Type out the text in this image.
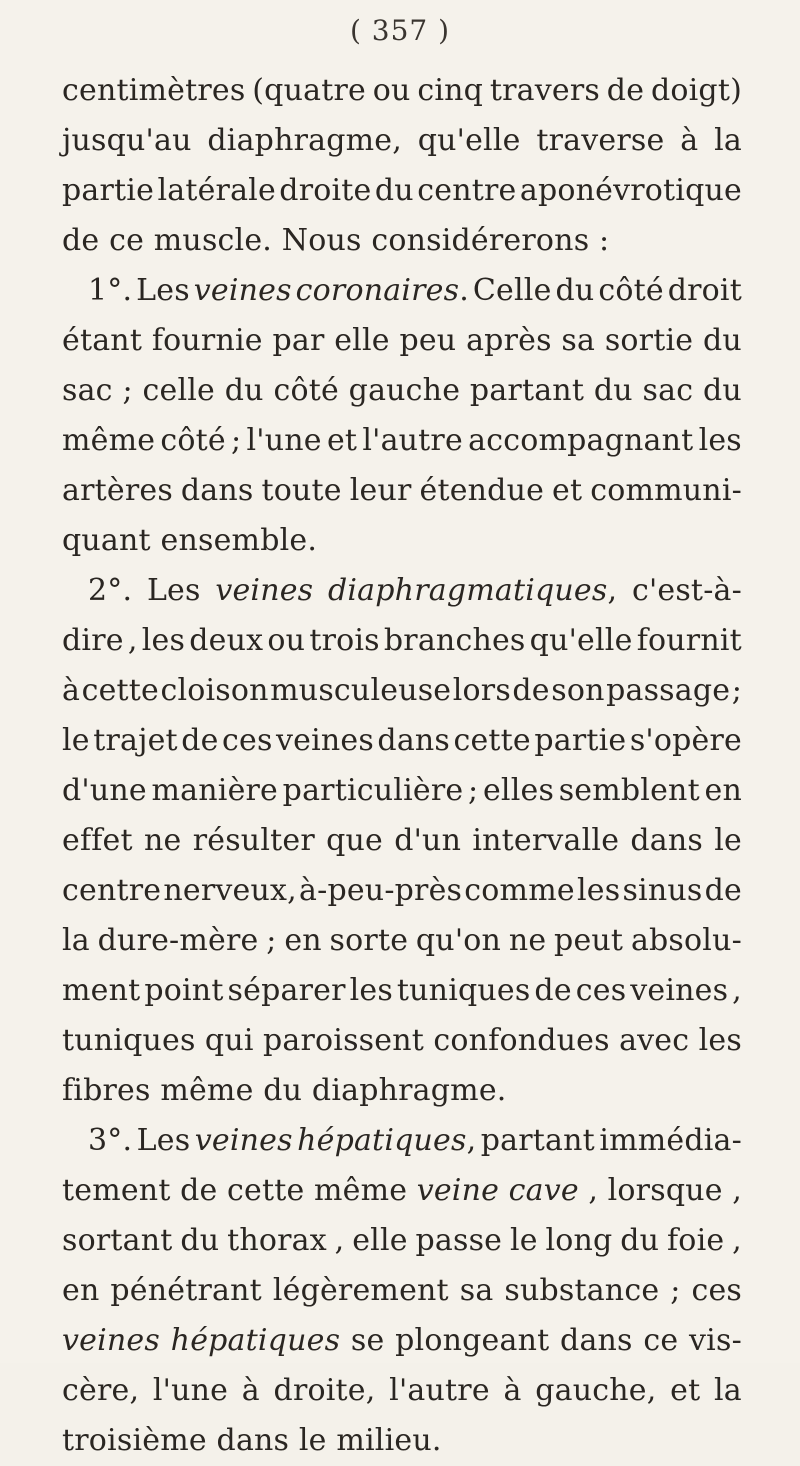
( 357 )
centimètres (quatre ou cinq travers de doigt)
jusqu'au diaphragme, qu'elle traverse à la
partie latérale droite du centre aponévrotique
de ce muscle. Nous considérerons :
1°. Les veines coronaires. Celle du côté droit
étant fournie par elle peu après sa sortie du
sac ; celle du côté gauche partant du sac du
même côté ; l'une et l'autre accompagnant les
artères dans toute leur étendue et communi-
quant ensemble.
2°. Les veines diaphragmatiques, c'est-à-
dire , les deux ou trois branches qu'elle fournit
à cette cloison musculeuse lors de son passage ;
le trajet de ces veines dans cette partie s'opère
d'une manière particulière ; elles semblent en
effet ne résulter que d'un intervalle dans le
centre nerveux, à-peu-près comme les sinus de
la dure-mère ; en sorte qu'on ne peut absolu-
ment point séparer les tuniques de ces veines ,
tuniques qui paroissent confondues avec les
fibres même du diaphragme.
3°. Les veines hépatiques, partant immédia-
tement de cette même veine cave , lorsque ,
sortant du thorax , elle passe le long du foie ,
en pénétrant légèrement sa substance ; ces
veines hépatiques se plongeant dans ce vis-
cère, l'une à droite, l'autre à gauche, et la
troisième dans le milieu.
